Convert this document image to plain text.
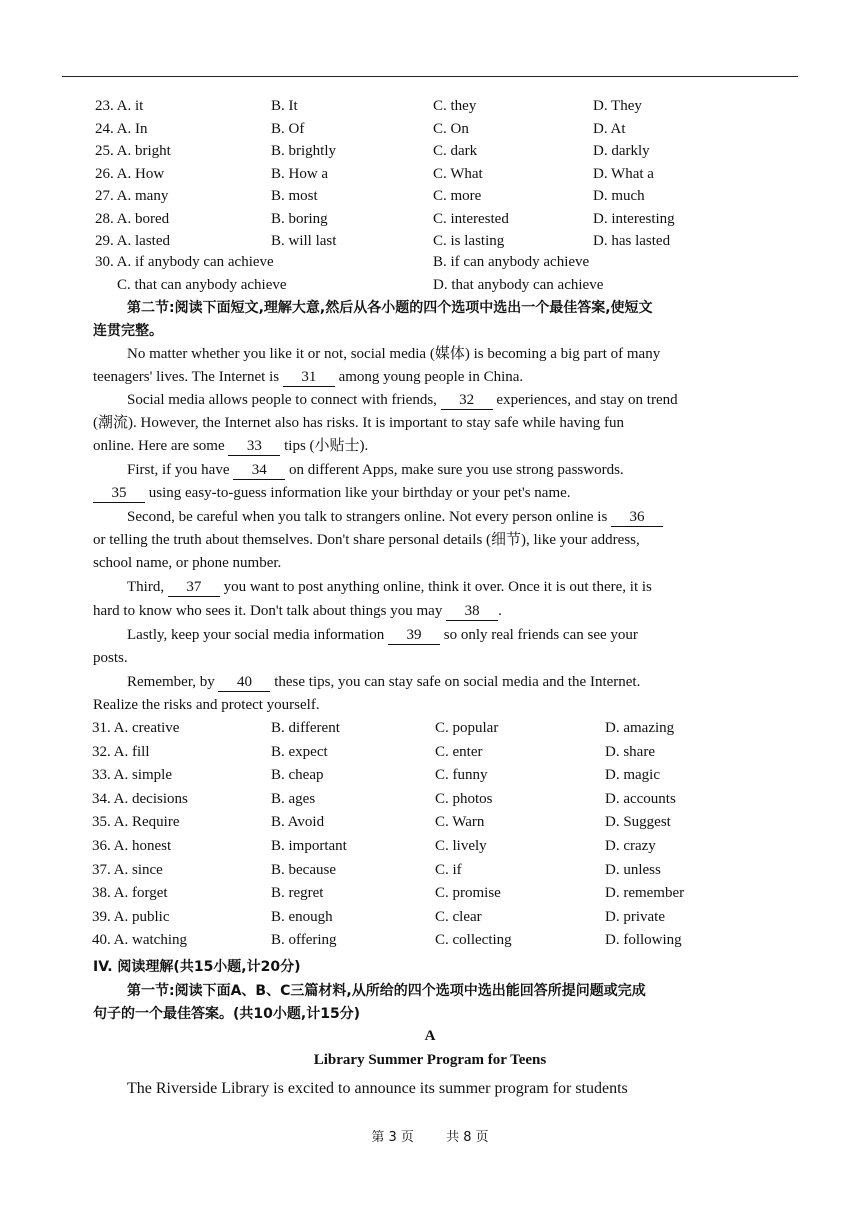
23. A. it	B. It	C. they	D. They
24. A. In	B. Of	C. On	D. At
25. A. bright	B. brightly	C. dark	D. darkly
26. A. How	B. How a	C. What	D. What a
27. A. many	B. most	C. more	D. much
28. A. bored	B. boring	C. interested	D. interesting
29. A. lasted	B. will last	C. is lasting	D. has lasted
30. A. if anybody can achieve	B. if can anybody achieve
C. that can anybody achieve	D. that anybody can achieve
第二节:阅读下面短文,理解大意,然后从各小题的四个选项中选出一个最佳答案,使短文
连贯完整。
No matter whether you like it or not, social media (媒体) is becoming a big part of many
teenagers' lives. The Internet is 31 among young people in China.
Social media allows people to connect with friends, 32 experiences, and stay on trend
(潮流). However, the Internet also has risks. It is important to stay safe while having fun
online. Here are some 33 tips (小贴士).
First, if you have 34 on different Apps, make sure you use strong passwords.
35 using easy-to-guess information like your birthday or your pet's name.
Second, be careful when you talk to strangers online. Not every person online is 36
or telling the truth about themselves. Don't share personal details (细节), like your address,
school name, or phone number.
Third, 37 you want to post anything online, think it over. Once it is out there, it is
hard to know who sees it. Don't talk about things you may 38 .
Lastly, keep your social media information 39 so only real friends can see your
posts.
Remember, by 40 these tips, you can stay safe on social media and the Internet.
Realize the risks and protect yourself.
31. A. creative	B. different	C. popular	D. amazing
32. A. fill	B. expect	C. enter	D. share
33. A. simple	B. cheap	C. funny	D. magic
34. A. decisions	B. ages	C. photos	D. accounts
35. A. Require	B. Avoid	C. Warn	D. Suggest
36. A. honest	B. important	C. lively	D. crazy
37. A. since	B. because	C. if	D. unless
38. A. forget	B. regret	C. promise	D. remember
39. A. public	B. enough	C. clear	D. private
40. A. watching	B. offering	C. collecting	D. following
IV. 阅读理解(共15小题,计20分)
第一节:阅读下面A、B、C三篇材料,从所给的四个选项中选出能回答所提问题或完成
句子的一个最佳答案。(共10小题,计15分)
A
Library Summer Program for Teens
The Riverside Library is excited to announce its summer program for students
第 3 页 共 8 页
